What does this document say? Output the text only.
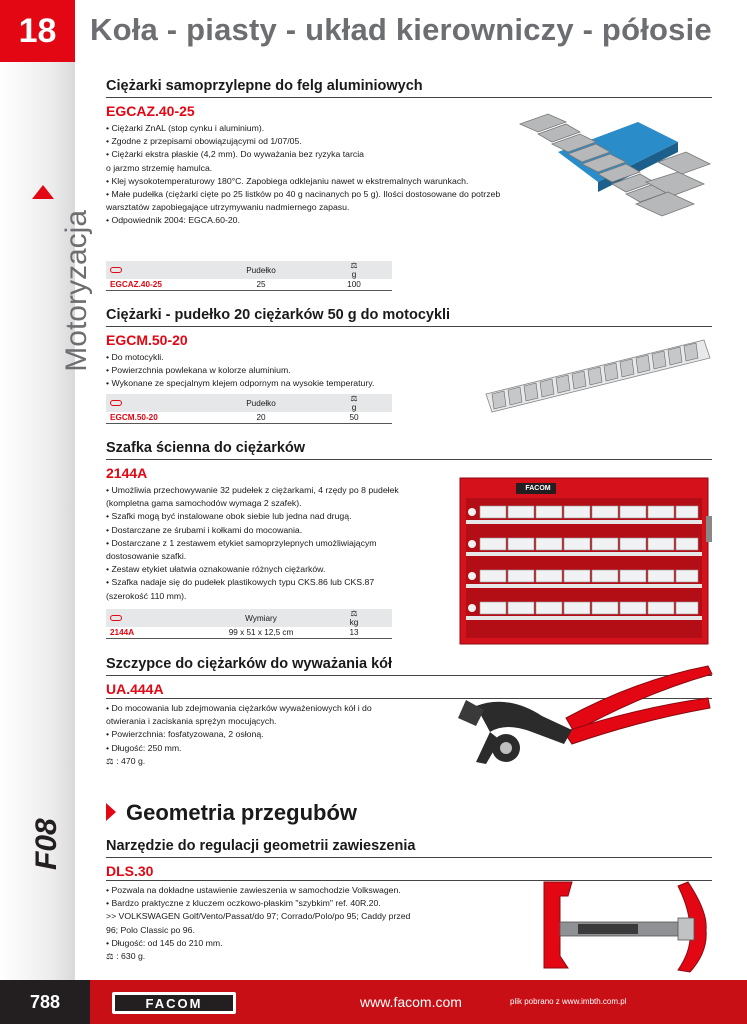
18	Koła - piasty - układ kierowniczy - półosie
Motoryzacja
F08
Ciężarki samoprzylepne do felg aluminiowych
EGCAZ.40-25
• Ciężarki ZnAL (stop cynku i aluminium).
• Zgodne z przepisami obowiązującymi od 1/07/05.
• Ciężarki ekstra płaskie (4,2 mm). Do wyważania bez ryzyka tarcia
o jarzmo strzemię hamulca.
• Klej wysokotemperaturowy 180°C. Zapobiega odklejaniu nawet w ekstremalnych warunkach.
• Małe pudełka (ciężarki cięte po 25 listków po 40 g nacinanych po 5 g). Ilości dostosowane do potrzeb
warsztatów zapobiegające utrzymywaniu nadmiernego zapasu.
• Odpowiednik 2004: EGCA.60-20.
	Pudełko	⚖
g
EGCAZ.40-25	25	100
Ciężarki - pudełko 20 ciężarków 50 g do motocykli
EGCM.50-20
• Do motocykli.
• Powierzchnia powlekana w kolorze aluminium.
• Wykonane ze specjalnym klejem odpornym na wysokie temperatury.
	Pudełko	⚖
g
EGCM.50-20	20	50
Szafka ścienna do ciężarków
2144A
• Umożliwia przechowywanie 32 pudełek z ciężarkami, 4 rzędy po 8 pudełek
(kompletna gama samochodów wymaga 2 szafek).
• Szafki mogą być instalowane obok siebie lub jedna nad drugą.
• Dostarczane ze śrubami i kołkami do mocowania.
• Dostarczane z 1 zestawem etykiet samoprzylepnych umożliwiającym
dostosowanie szafki.
• Zestaw etykiet ułatwia oznakowanie różnych ciężarków.
• Szafka nadaje się do pudełek plastikowych typu CKS.86 lub CKS.87
(szerokość 110 mm).
	Wymiary	⚖
kg
2144A	99 x 51 x 12,5 cm	13
FACOM
Szczypce do ciężarków do wyważania kół
UA.444A
• Do mocowania lub zdejmowania ciężarków wyważeniowych kół i do
otwierania i zaciskania sprężyn mocujących.
• Powierzchnia: fosfatyzowana, 2 osłoną.
• Długość: 250 mm.
⚖ : 470 g.
Geometria przegubów
Narzędzie do regulacji geometrii zawieszenia
DLS.30
• Pozwala na dokładne ustawienie zawieszenia w samochodzie Volkswagen.
• Bardzo praktyczne z kluczem oczkowo-płaskim "szybkim" ref. 40R.20.
>> VOLKSWAGEN Golf/Vento/Passat/do 97; Corrado/Polo/po 95; Caddy przed
96; Polo Classic po 96.
• Długość: od 145 do 210 mm.
⚖ : 630 g.
788	FACOM	www.facom.com	plik pobrano z www.imbth.com.pl
